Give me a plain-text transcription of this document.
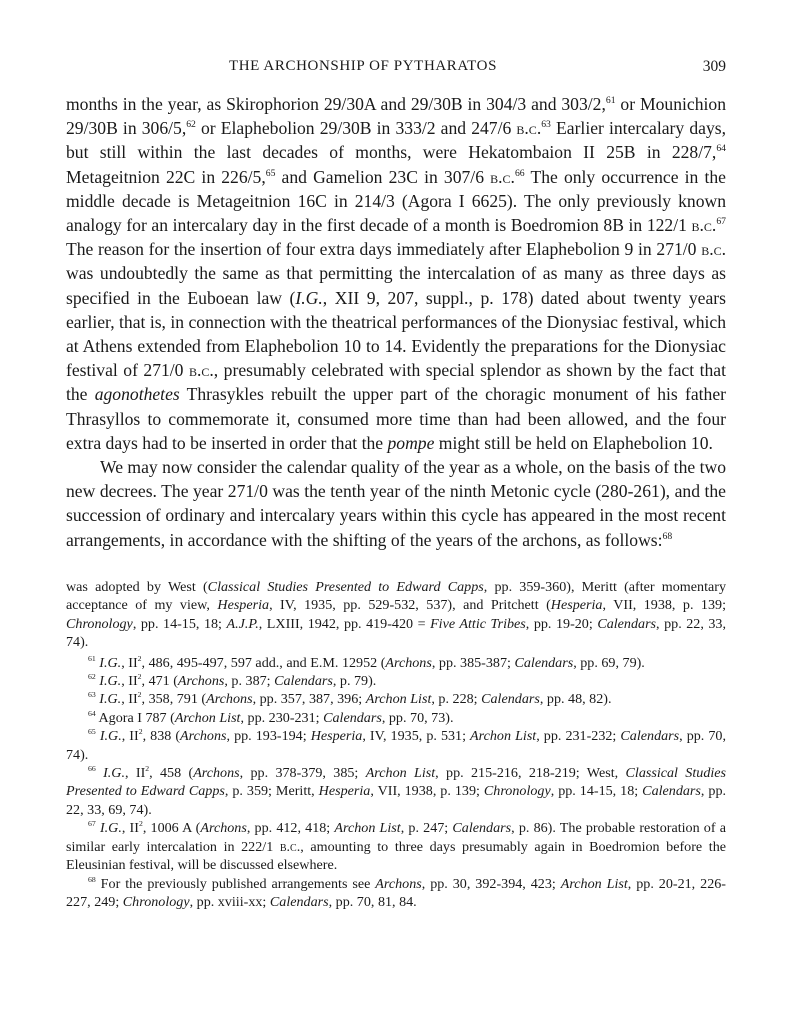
THE ARCHONSHIP OF PYTHARATOS	309

months in the year, as Skirophorion 29/30A and 29/30B in 304/3 and 303/2,61 or Mounichion 29/30B in 306/5,62 or Elaphebolion 29/30B in 333/2 and 247/6 b.c.$^{63}$ Earlier intercalary days, but still within the last decades of months, were Hekatombaion II 25B in 228/7,64 Metageitnion 22C in 226/5,65 and Gamelion 23C in 307/6 b.c.$^{66}$ The only occurrence in the middle decade is Metageitnion 16C in 214/3 (Agora I 6625). The only previously known analogy for an intercalary day in the first decade of a month is Boedromion 8B in 122/1 b.c.$^{67}$ The reason for the insertion of four extra days immediately after Elaphebolion 9 in 271/0 b.c. was undoubtedly the same as that permitting the intercalation of as many as three days as specified in the Euboean law (I.G., XII 9, 207, suppl., p. 178) dated about twenty years earlier, that is, in connection with the theatrical performances of the Dionysiac festival, which at Athens extended from Elaphebolion 10 to 14. Evidently the preparations for the Dionysiac festival of 271/0 b.c., presumably celebrated with special splendor as shown by the fact that the agonothetes Thrasykles rebuilt the upper part of the choragic monument of his father Thrasyllos to commemorate it, consumed more time than had been allowed, and the four extra days had to be inserted in order that the pompe might still be held on Elaphebolion 10.

We may now consider the calendar quality of the year as a whole, on the basis of the two new decrees. The year 271/0 was the tenth year of the ninth Metonic cycle (280-261), and the succession of ordinary and intercalary years within this cycle has appeared in the most recent arrangements, in accordance with the shifting of the years of the archons, as follows:$^{68}$

was adopted by West (Classical Studies Presented to Edward Capps, pp. 359-360), Meritt (after momentary acceptance of my view, Hesperia, IV, 1935, pp. 529-532, 537), and Pritchett (Hesperia, VII, 1938, p. 139; Chronology, pp. 14-15, 18; A.J.P., LXIII, 1942, pp. 419-420 = Five Attic Tribes, pp. 19-20; Calendars, pp. 22, 33, 74).

$^{61}$ I.G., $II^2$, 486, 495-497, 597 add., and E.M. 12952 (Archons, pp. 385-387; Calendars, pp. 69, 79).

$^{62}$ I.G., $II^2$, 471 (Archons, p. 387; Calendars, p. 79).

$^{63}$ I.G., $II^2$, 358, 791 (Archons, pp. 357, 387, 396; Archon List, p. 228; Calendars, pp. 48, 82).

$^{64}$ Agora I 787 (Archon List, pp. 230-231; Calendars, pp. 70, 73).

$^{65}$ I.G., $II^2$, 838 (Archons, pp. 193-194; Hesperia, IV, 1935, p. 531; Archon List, pp. 231-232; Calendars, pp. 70, 74).

$^{66}$ I.G., $II^2$, 458 (Archons, pp. 378-379, 385; Archon List, pp. 215-216, 218-219; West, Classical Studies Presented to Edward Capps, p. 359; Meritt, Hesperia, VII, 1938, p. 139; Chronology, pp. 14-15, 18; Calendars, pp. 22, 33, 69, 74).

$^{67}$ I.G., $II^2$, 1006 A (Archons, pp. 412, 418; Archon List, p. 247; Calendars, p. 86). The probable restoration of a similar early intercalation in 222/1 b.c., amounting to three days presumably again in Boedromion before the Eleusinian festival, will be discussed elsewhere.

$^{68}$ For the previously published arrangements see Archons, pp. 30, 392-394, 423; Archon List, pp. 20-21, 226-227, 249; Chronology, pp. xviii-xx; Calendars, pp. 70, 81, 84.
